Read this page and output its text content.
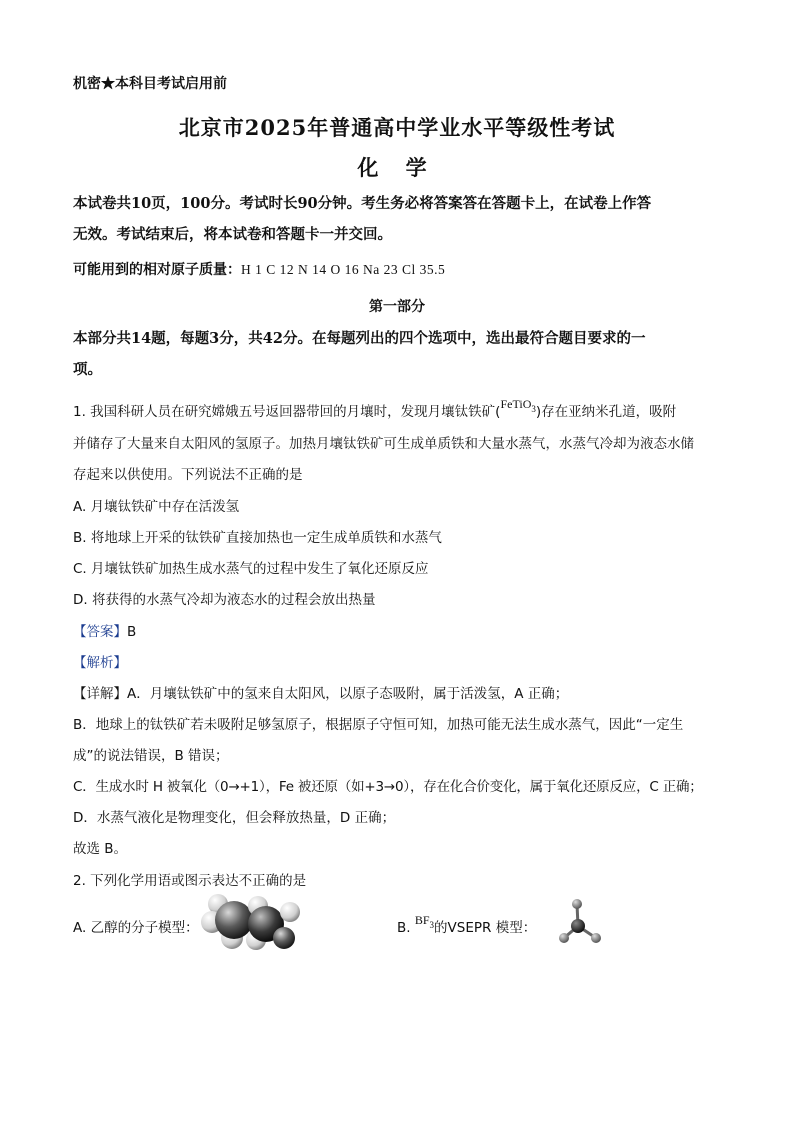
机密★本科目考试启用前
北京市2025年普通高中学业水平等级性考试
化 学
本试卷共10页，100分。考试时长90分钟。考生务必将答案答在答题卡上，在试卷上作答
无效。考试结束后，将本试卷和答题卡一并交回。
可能用到的相对原子质量：H 1 C 12 N 14 O 16 Na 23 Cl 35.5
第一部分
本部分共14题，每题3分，共42分。在每题列出的四个选项中，选出最符合题目要求的一
项。
1. 我国科研人员在研究嫦娥五号返回器带回的月壤时，发现月壤钛铁矿(FeTiO$_3$)存在亚纳米孔道，吸附
并储存了大量来自太阳风的氢原子。加热月壤钛铁矿可生成单质铁和大量水蒸气，水蒸气冷却为液态水储
存起来以供使用。下列说法不正确的是
A. 月壤钛铁矿中存在活泼氢
B. 将地球上开采的钛铁矿直接加热也一定生成单质铁和水蒸气
C. 月壤钛铁矿加热生成水蒸气的过程中发生了氧化还原反应
D. 将获得的水蒸气冷却为液态水的过程会放出热量
【答案】B
【解析】
【详解】A．月壤钛铁矿中的氢来自太阳风，以原子态吸附，属于活泼氢，A 正确；
B．地球上的钛铁矿若未吸附足够氢原子，根据原子守恒可知，加热可能无法生成水蒸气，因此“一定生
成”的说法错误，B 错误；
C．生成水时 H 被氧化（0→+1），Fe 被还原（如+3→0），存在化合价变化，属于氧化还原反应，C 正确；
D．水蒸气液化是物理变化，但会释放热量，D 正确；
故选 B。
2. 下列化学用语或图示表达不正确的是
A. 乙醇的分子模型：	B. $BF_3$的VSEPR 模型：
